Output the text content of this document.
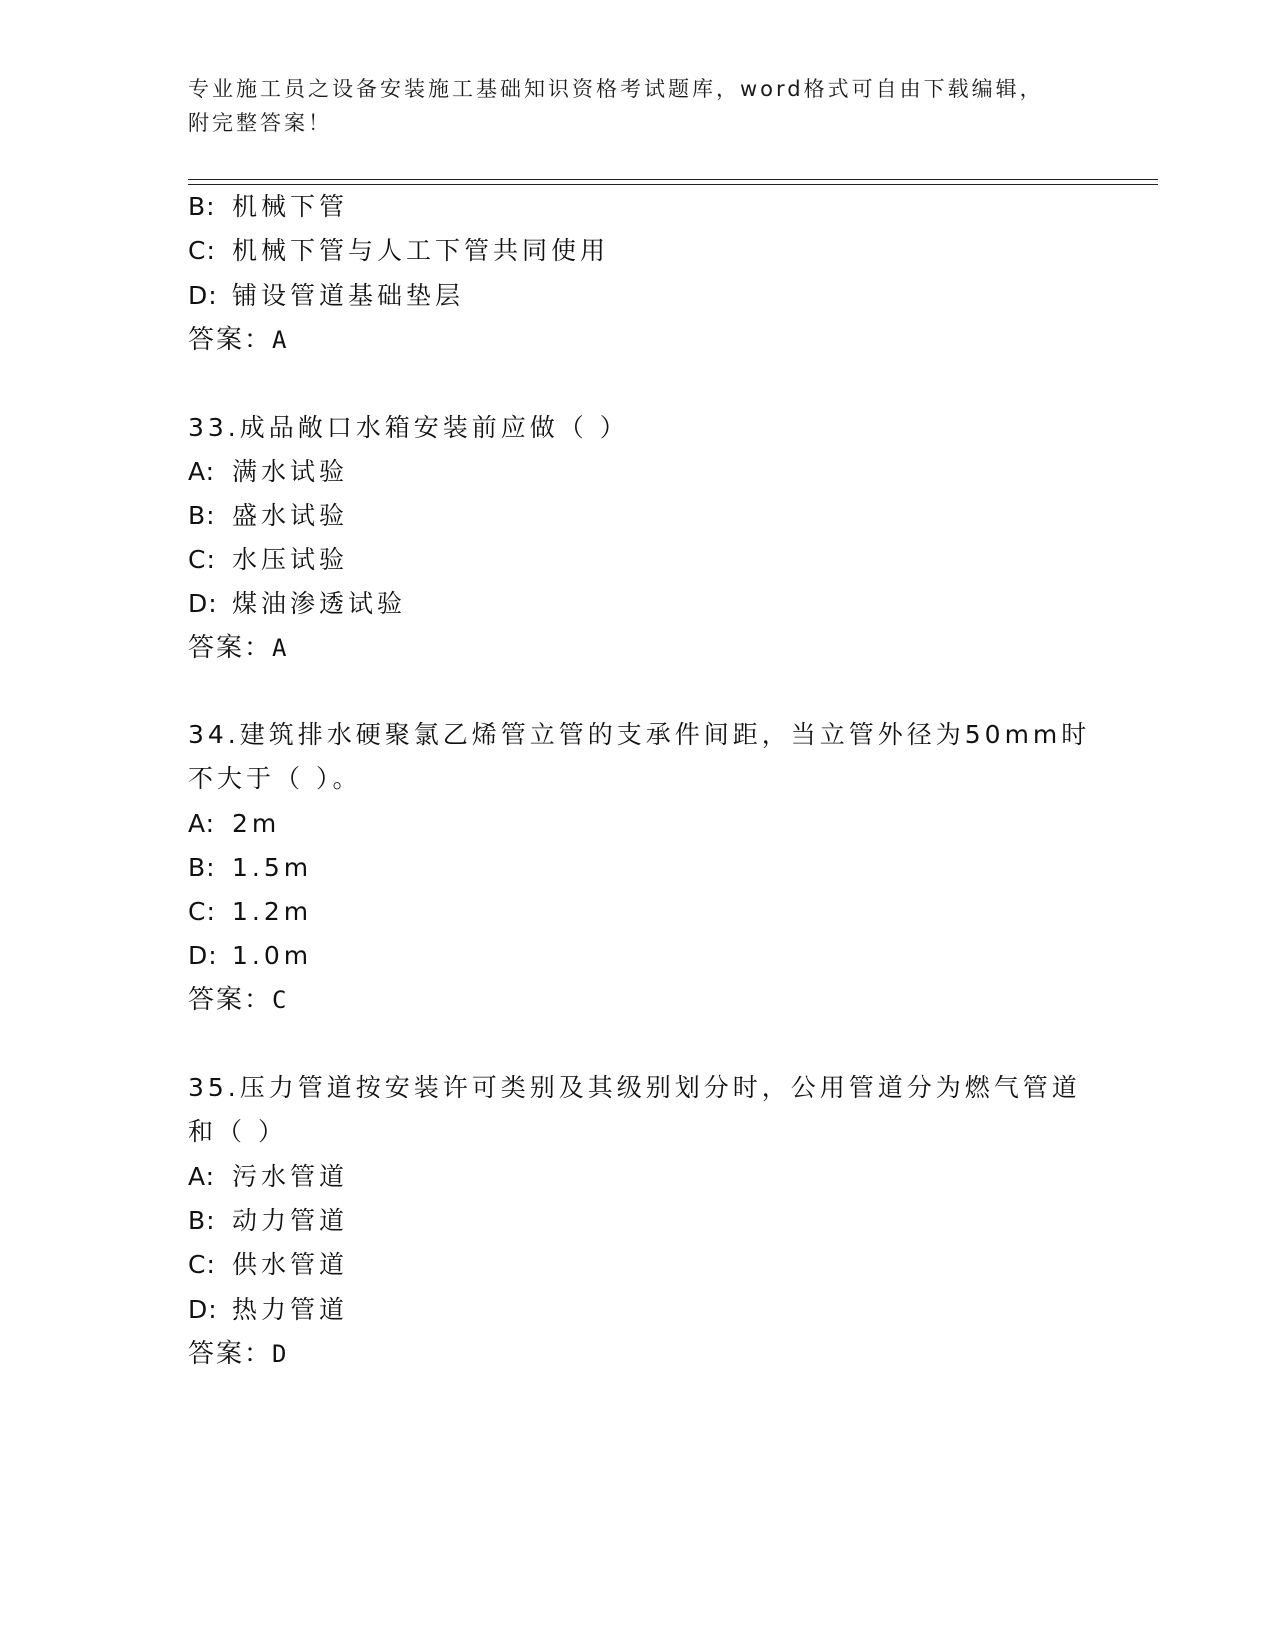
专业施工员之设备安装施工基础知识资格考试题库，word格式可自由下载编辑，
附完整答案！
B: 机械下管
C: 机械下管与人工下管共同使用
D: 铺设管道基础垫层
答案：A
33.成品敞口水箱安装前应做（ ）
A: 满水试验
B: 盛水试验
C: 水压试验
D: 煤油渗透试验
答案：A
34.建筑排水硬聚氯乙烯管立管的支承件间距，当立管外径为50mm时
不大于（ ）。
A: 2m
B: 1.5m
C: 1.2m
D: 1.0m
答案：C
35.压力管道按安装许可类别及其级别划分时，公用管道分为燃气管道
和（ ）
A: 污水管道
B: 动力管道
C: 供水管道
D: 热力管道
答案：D
